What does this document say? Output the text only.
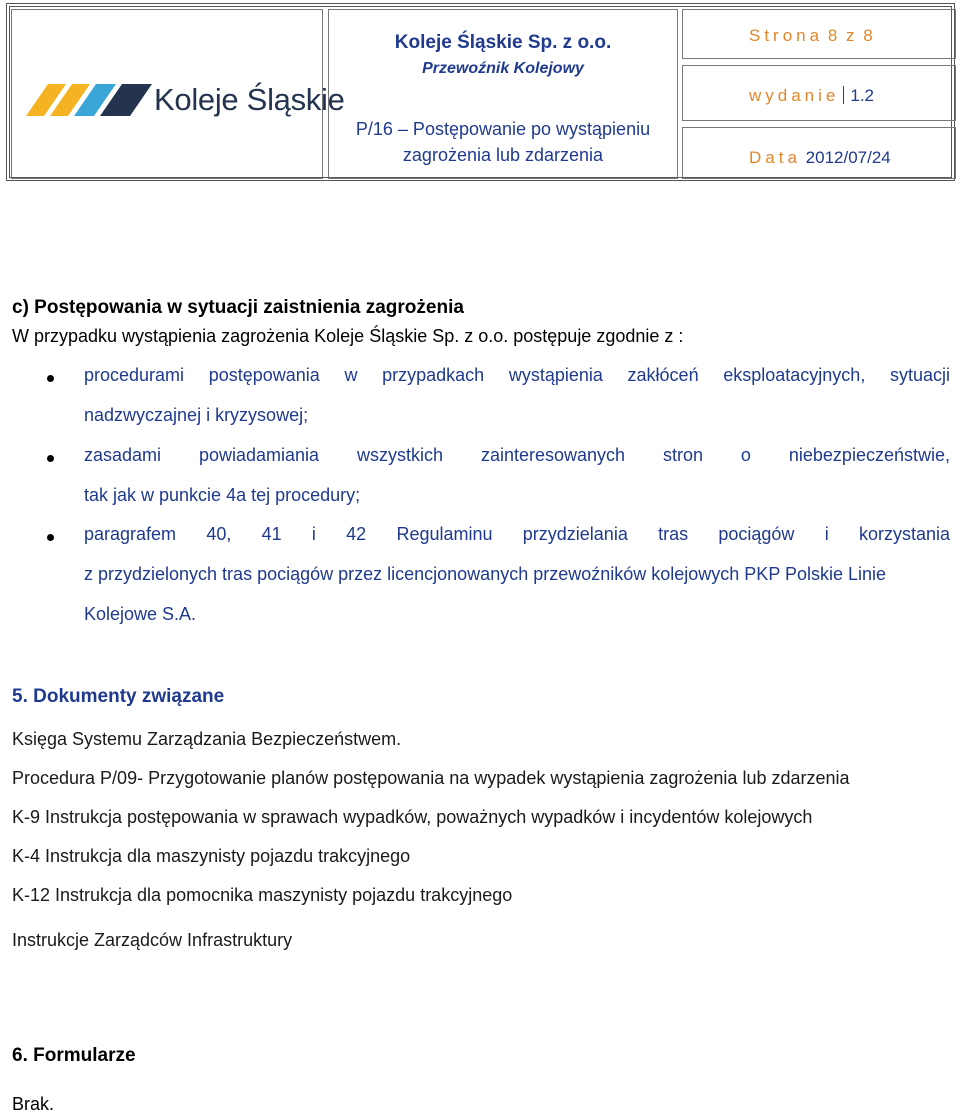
Koleje Śląskie
Koleje Śląskie Sp. z o.o.
Przewoźnik Kolejowy
P/16 – Postępowanie po wystąpieniu
zagrożenia lub zdarzenia
Strona 8 z 8
wydanie 1.2
Data 2012/07/24
c) Postępowania w sytuacji zaistnienia zagrożenia
W przypadku wystąpienia zagrożenia Koleje Śląskie Sp. z o.o. postępuje zgodnie z :
procedurami postępowania w przypadkach wystąpienia zakłóceń eksploatacyjnych, sytuacji
nadzwyczajnej i kryzysowej;
zasadami powiadamiania wszystkich zainteresowanych stron o niebezpieczeństwie,
tak jak w punkcie 4a tej procedury;
paragrafem 40, 41 i 42 Regulaminu przydzielania tras pociągów i korzystania
z przydzielonych tras pociągów przez licencjonowanych przewoźników kolejowych PKP Polskie Linie
Kolejowe S.A.
5. Dokumenty związane
Księga Systemu Zarządzania Bezpieczeństwem.
Procedura P/09- Przygotowanie planów postępowania na wypadek wystąpienia zagrożenia lub zdarzenia
K-9 Instrukcja postępowania w sprawach wypadków, poważnych wypadków i incydentów kolejowych
K-4 Instrukcja dla maszynisty pojazdu trakcyjnego
K-12 Instrukcja dla pomocnika maszynisty pojazdu trakcyjnego
Instrukcje Zarządców Infrastruktury
6. Formularze
Brak.
